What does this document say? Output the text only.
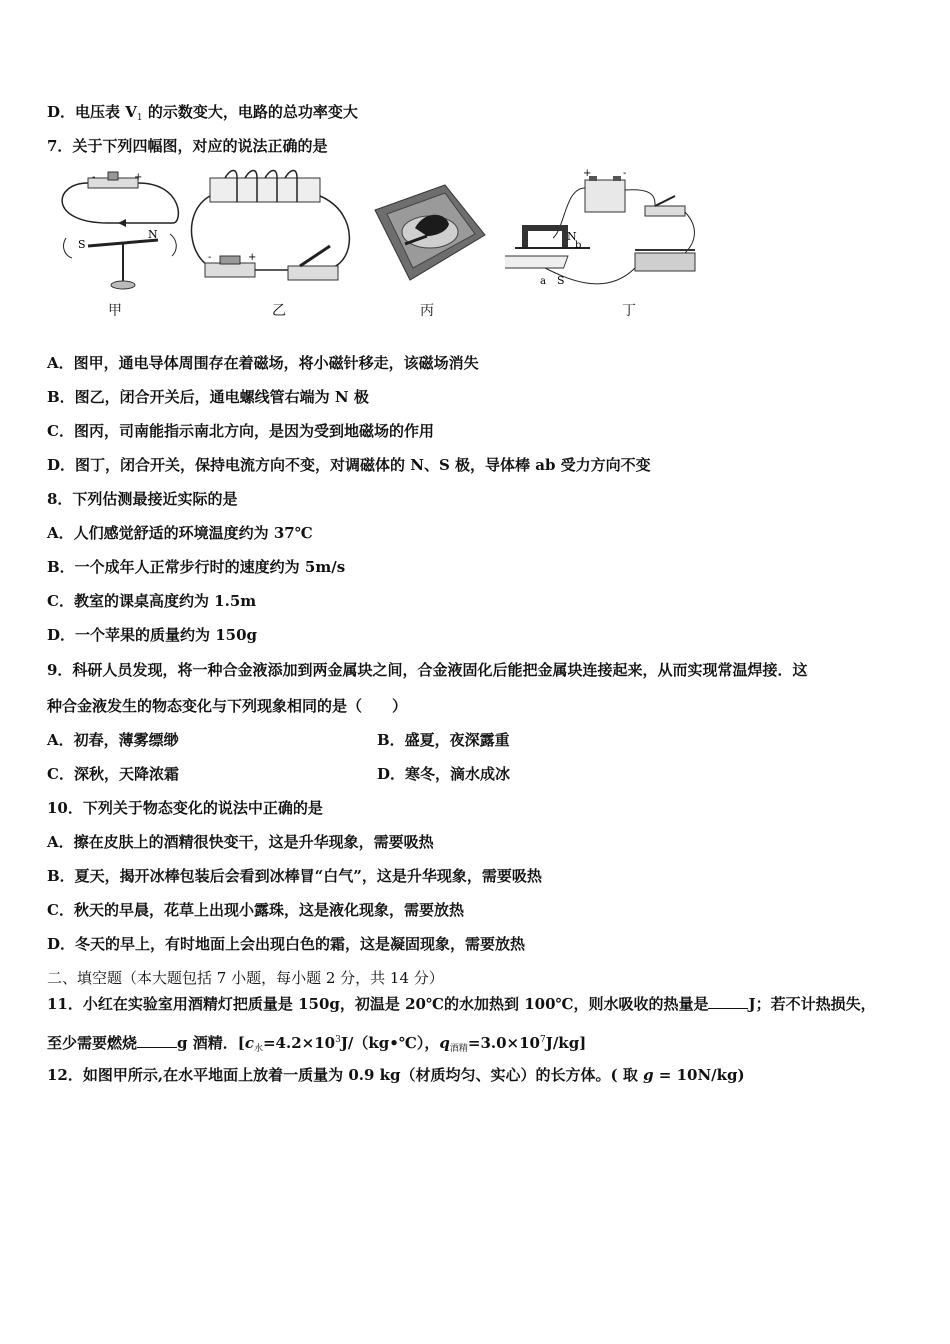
D．电压表 $V_1$ 的示数变大，电路的总功率变大
7．关于下列四幅图，对应的说法正确的是
-	+
S
N
甲
-	+
乙	丙
+	-
N
b
a S
丁
A．图甲，通电导体周围存在着磁场，将小磁针移走，该磁场消失
B．图乙，闭合开关后，通电螺线管右端为 N 极
C．图丙，司南能指示南北方向，是因为受到地磁场的作用
D．图丁，闭合开关，保持电流方向不变，对调磁体的 N、S 极，导体棒 ab 受力方向不变
8．下列估测最接近实际的是
A．人们感觉舒适的环境温度约为 37℃
B．一个成年人正常步行时的速度约为 5m/s
C．教室的课桌高度约为 1.5m
D．一个苹果的质量约为 150g
9．科研人员发现，将一种合金液添加到两金属块之间，合金液固化后能把金属块连接起来，从而实现常温焊接．这
种合金液发生的物态变化与下列现象相同的是（　　）
A．初春，薄雾缥缈	B．盛夏，夜深露重
C．深秋，天降浓霜	D．寒冬，滴水成冰
10．下列关于物态变化的说法中正确的是
A．擦在皮肤上的酒精很快变干，这是升华现象，需要吸热
B．夏天，揭开冰棒包装后会看到冰棒冒“白气”，这是升华现象，需要吸热
C．秋天的早晨，花草上出现小露珠，这是液化现象，需要放热
D．冬天的早上，有时地面上会出现白色的霜，这是凝固现象，需要放热
二、填空题（本大题包括 7 小题，每小题 2 分，共 14 分）
11．小红在实验室用酒精灯把质量是 150g，初温是 20℃的水加热到 100℃，则水吸收的热量是	J；若不计热损失，
至少需要燃烧	g 酒精．[$c_水=4.2\times 10^3J/(kg•℃)$，$q_{酒精}=3.0\times 10^7J/kg$]
12．如图甲所示,在水平地面上放着一质量为 0.9 kg（材质均匀、实心）的长方体。( 取 g = 10N/kg)
